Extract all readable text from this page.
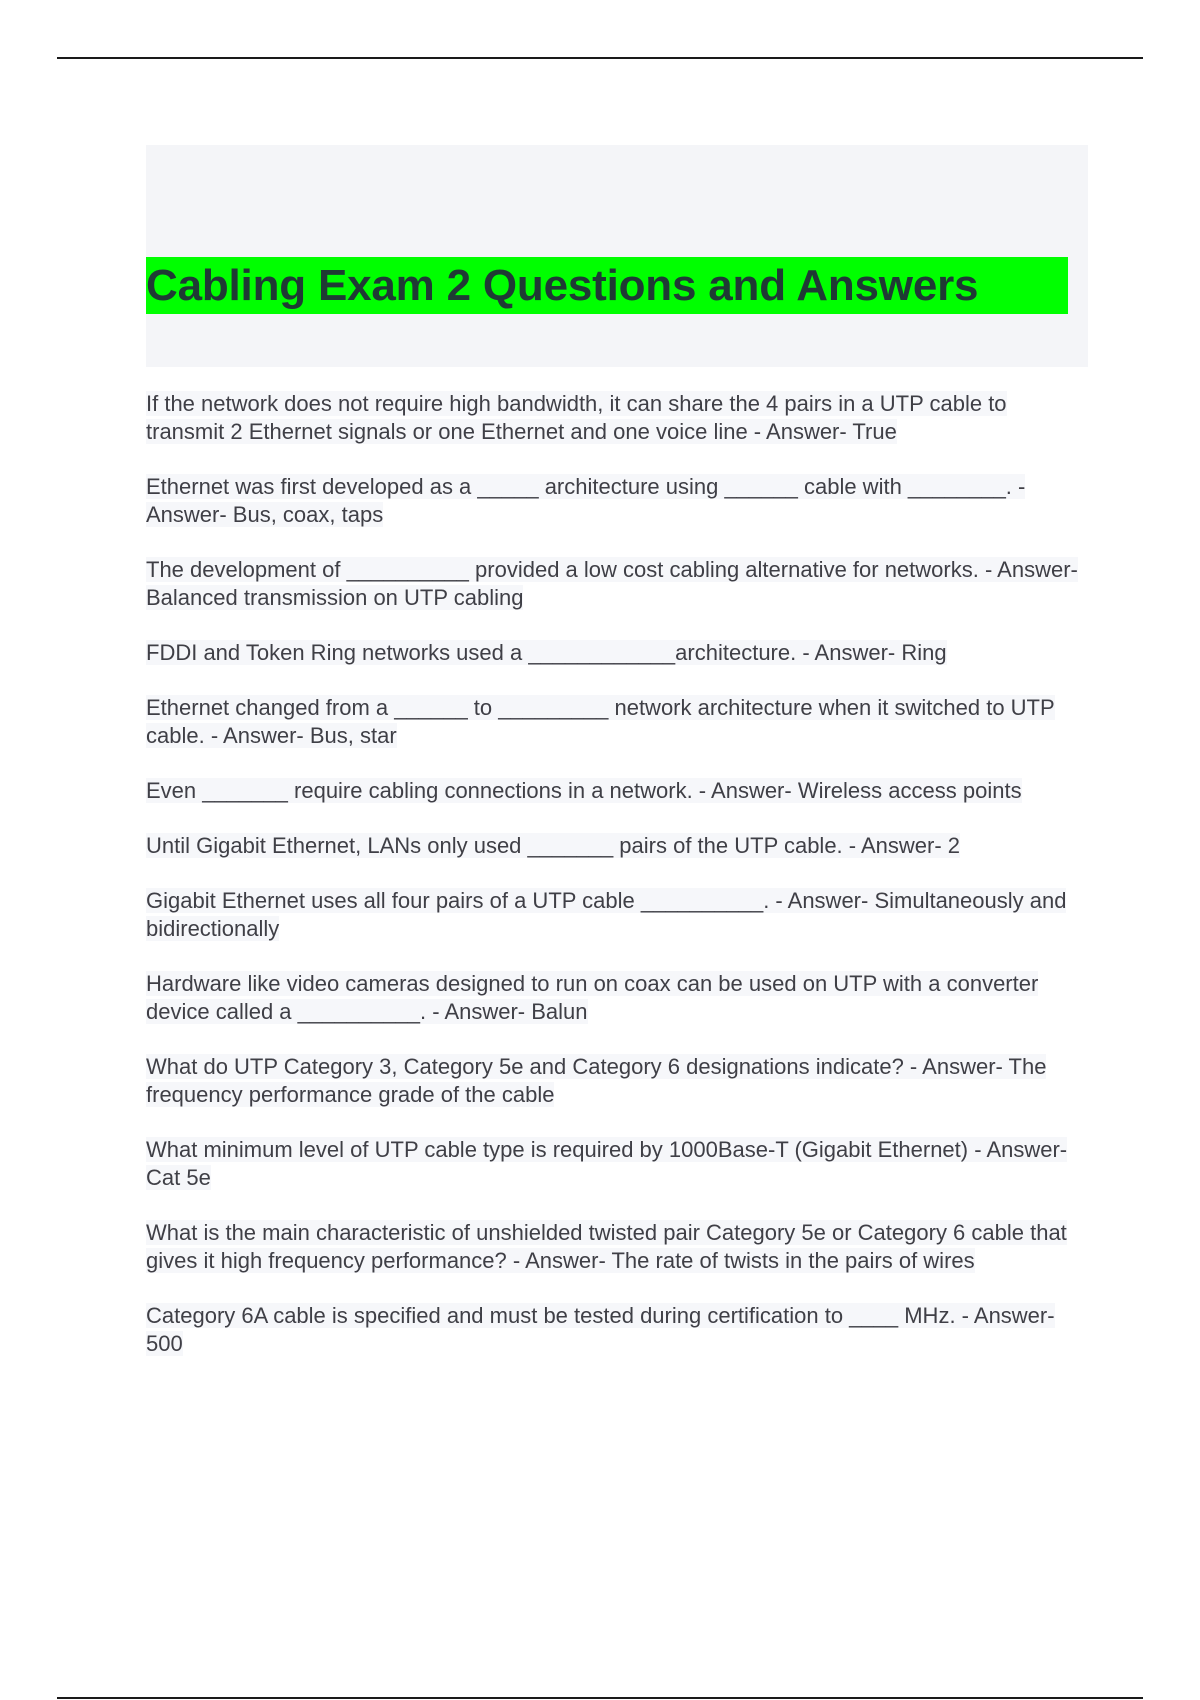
Cabling Exam 2 Questions and Answers
If the network does not require high bandwidth, it can share the 4 pairs in a UTP cable to transmit 2 Ethernet signals or one Ethernet and one voice line - Answer- True
Ethernet was first developed as a _____ architecture using ______ cable with ________. - Answer- Bus, coax, taps
The development of __________ provided a low cost cabling alternative for networks. - Answer- Balanced transmission on UTP cabling
FDDI and Token Ring networks used a ____________architecture. - Answer- Ring
Ethernet changed from a ______ to _________ network architecture when it switched to UTP cable. - Answer- Bus, star
Even _______ require cabling connections in a network. - Answer- Wireless access points
Until Gigabit Ethernet, LANs only used _______ pairs of the UTP cable. - Answer- 2
Gigabit Ethernet uses all four pairs of a UTP cable __________. - Answer- Simultaneously and bidirectionally
Hardware like video cameras designed to run on coax can be used on UTP with a converter device called a __________. - Answer- Balun
What do UTP Category 3, Category 5e and Category 6 designations indicate? - Answer- The frequency performance grade of the cable
What minimum level of UTP cable type is required by 1000Base-T (Gigabit Ethernet) - Answer- Cat 5e
What is the main characteristic of unshielded twisted pair Category 5e or Category 6 cable that gives it high frequency performance? - Answer- The rate of twists in the pairs of wires
Category 6A cable is specified and must be tested during certification to ____ MHz. - Answer- 500
